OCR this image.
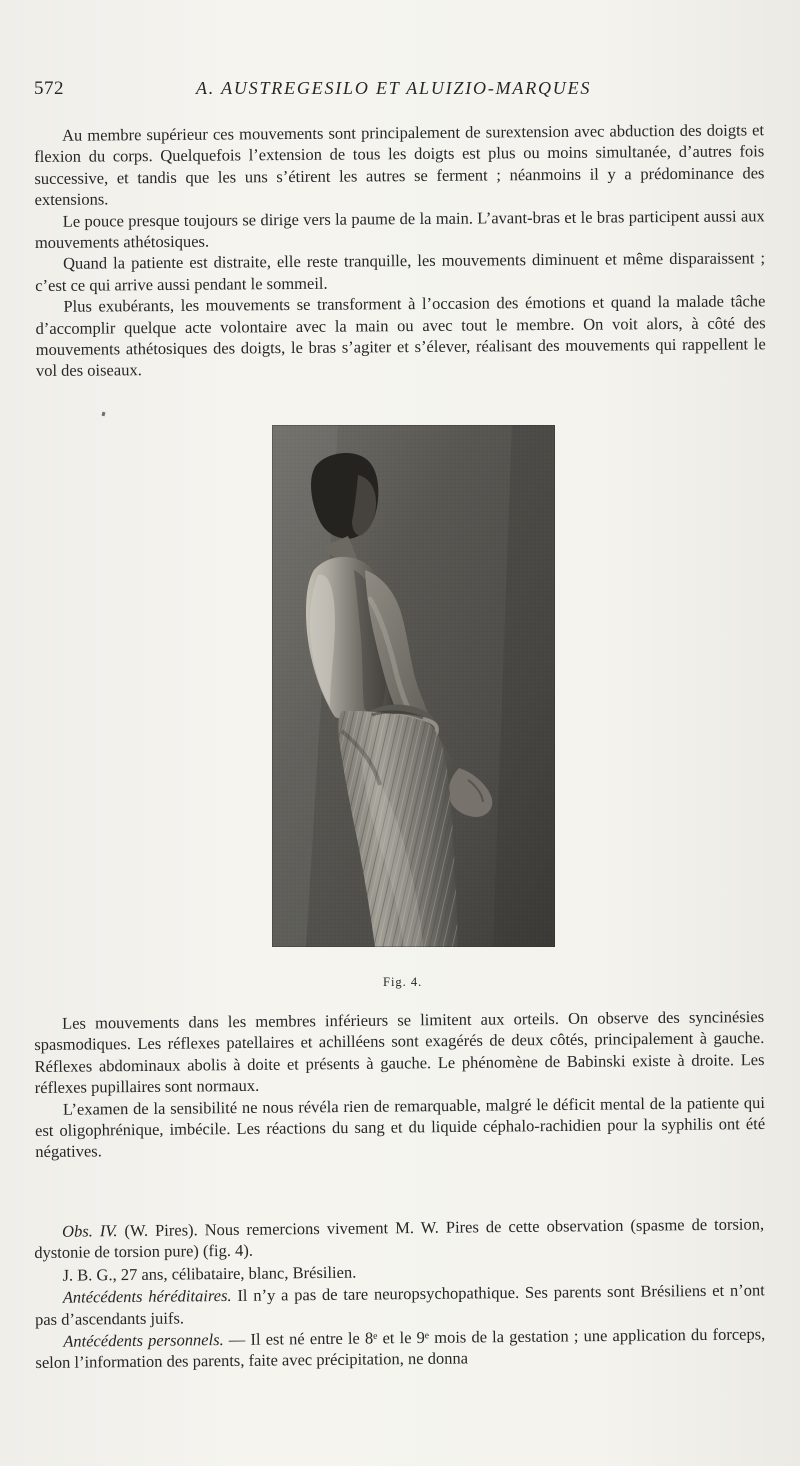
572	A. AUSTREGESILO ET ALUIZIO-MARQUES

Au membre supérieur ces mouvements sont principalement de surextension avec abduction des doigts et flexion du corps. Quelquefois l’extension de tous les doigts est plus ou moins simultanée, d’autres fois successive, et tandis que les uns s’étirent les autres se ferment ; néanmoins il y a prédominance des extensions.

Le pouce presque toujours se dirige vers la paume de la main. L’avant-bras et le bras participent aussi aux mouvements athétosiques.

Quand la patiente est distraite, elle reste tranquille, les mouvements diminuent et même disparaissent ; c’est ce qui arrive aussi pendant le sommeil.

Plus exubérants, les mouvements se transforment à l’occasion des émotions et quand la malade tâche d’accomplir quelque acte volontaire avec la main ou avec tout le membre. On voit alors, à côté des mouvements athétosiques des doigts, le bras s’agiter et s’élever, réalisant des mouvements qui rappellent le vol des oiseaux.

Fig. 4.

Les mouvements dans les membres inférieurs se limitent aux orteils. On observe des syncinésies spasmodiques. Les réflexes patellaires et achilléens sont exagérés de deux côtés, principalement à gauche. Réflexes abdominaux abolis à doite et présents à gauche. Le phénomène de Babinski existe à droite. Les réflexes pupillaires sont normaux.

L’examen de la sensibilité ne nous révéla rien de remarquable, malgré le déficit mental de la patiente qui est oligophrénique, imbécile. Les réactions du sang et du liquide céphalo-rachidien pour la syphilis ont été négatives.

Obs. IV. (W. Pires). Nous remercions vivement M. W. Pires de cette observation (spasme de torsion, dystonie de torsion pure) (fig. 4).

J. B. G., 27 ans, célibataire, blanc, Brésilien.

Antécédents héréditaires. Il n’y a pas de tare neuropsychopathique. Ses parents sont Brésiliens et n’ont pas d’ascendants juifs.

Antécédents personnels. — Il est né entre le 8ᵉ et le 9ᵉ mois de la gestation ; une application du forceps, selon l’information des parents, faite avec précipitation, ne donna
